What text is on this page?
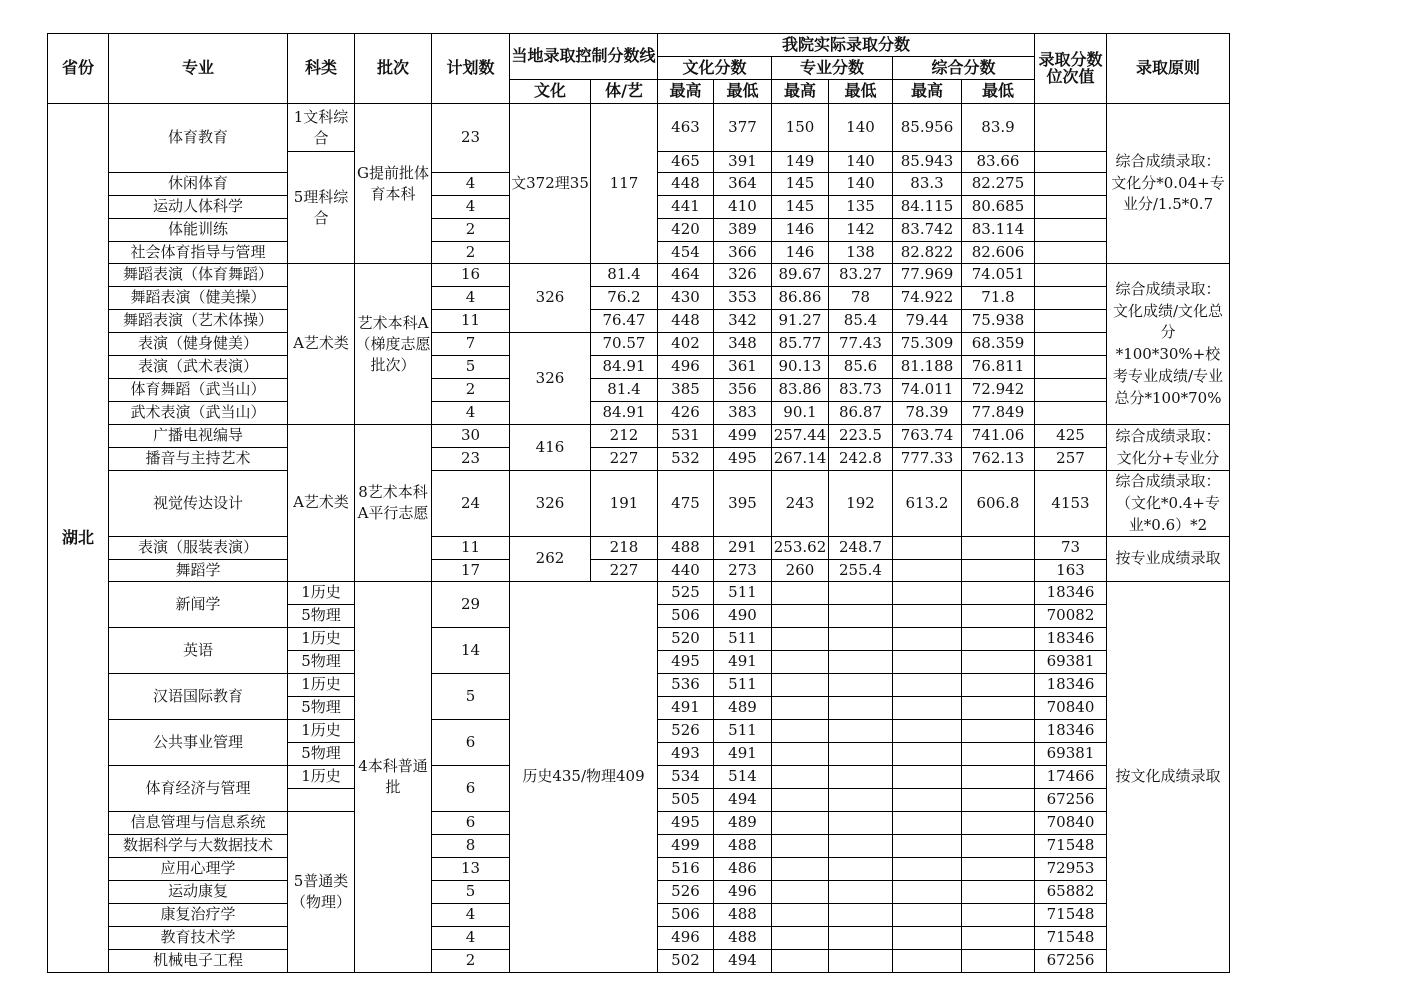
省份	专业	科类	批次	计划数	当地录取控制分数线		我院实际录取分数						录取分数位次值	录取原则
							文化分数		专业分数		综合分数			
					文化	体/艺	最高	最低	最高	最低	最高	最低		
湖北	体育教育	1文科综合	G提前批体育本科	23	文372理35	117	463	377	150	140	85.956	83.9		综合成绩录取：文化分*0.04+专业分/1.5*0.7
		5理科综合					465	391	149	140	85.943	83.66		
	休闲体育			4			448	364	145	140	83.3	82.275		
	运动人体科学			4			441	410	145	135	84.115	80.685		
	体能训练			2			420	389	146	142	83.742	83.114		
	社会体育指导与管理			2			454	366	146	138	82.822	82.606		
	舞蹈表演（体育舞蹈）	A艺术类	艺术本科A（梯度志愿批次）	16	326	81.4	464	326	89.67	83.27	77.969	74.051		综合成绩录取：文化成绩/文化总分*100*30%+校考专业成绩/专业总分*100*70%
	舞蹈表演（健美操）			4		76.2	430	353	86.86	78	74.922	71.8		
	舞蹈表演（艺术体操）			11		76.47	448	342	91.27	85.4	79.44	75.938		
	表演（健身健美）			7	326	70.57	402	348	85.77	77.43	75.309	68.359		
	表演（武术表演）			5		84.91	496	361	90.13	85.6	81.188	76.811		
	体育舞蹈（武当山）			2		81.4	385	356	83.86	83.73	74.011	72.942		
	武术表演（武当山）			4		84.91	426	383	90.1	86.87	78.39	77.849		
	广播电视编导	A艺术类	8艺术本科A平行志愿	30	416	212	531	499	257.44	223.5	763.74	741.06	425	综合成绩录取：文化分+专业分
	播音与主持艺术			23		227	532	495	267.14	242.8	777.33	762.13	257	
	视觉传达设计			24	326	191	475	395	243	192	613.2	606.8	4153	综合成绩录取：（文化*0.4+专业*0.6）*2
	表演（服装表演）			11	262	218	488	291	253.62	248.7			73	按专业成绩录取
	舞蹈学			17		227	440	273	260	255.4			163	
	新闻学	1历史	4本科普通批	29	历史435/物理409		525	511					18346	按文化成绩录取
		5物理					506	490					70082	
	英语	1历史		14			520	511					18346	
		5物理					495	491					69381	
	汉语国际教育	1历史		5			536	511					18346	
		5物理					491	489					70840	
	公共事业管理	1历史		6			526	511					18346	
		5物理					493	491					69381	
	体育经济与管理	1历史		6			534	514					17466	
							505	494					67256	
	信息管理与信息系统	5普通类（物理）		6			495	489					70840	
	数据科学与大数据技术			8			499	488					71548	
	应用心理学			13			516	486					72953	
	运动康复			5			526	496					65882	
	康复治疗学			4			506	488					71548	
	教育技术学			4			496	488					71548	
	机械电子工程			2			502	494					67256	
